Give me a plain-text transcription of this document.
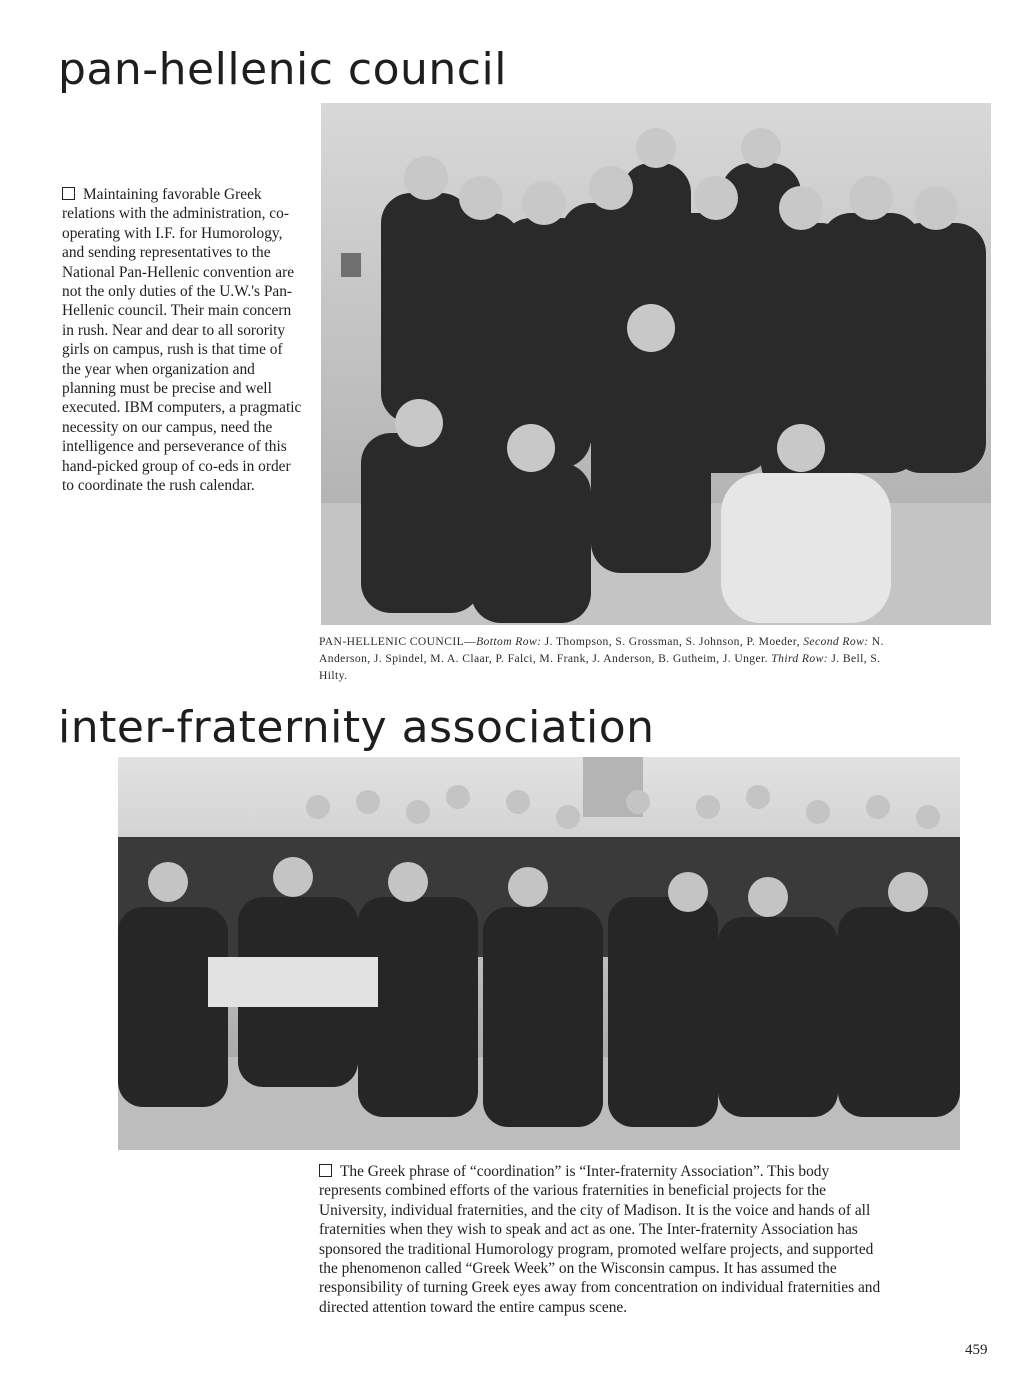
pan-hellenic council

Maintaining favorable Greek relations with the administration, co-operating with I.F. for Humorology, and sending representatives to the National Pan-Hellenic convention are not the only duties of the U.W.'s Pan-Hellenic council. Their main concern in rush. Near and dear to all sorority girls on campus, rush is that time of the year when organization and planning must be precise and well executed. IBM computers, a pragmatic necessity on our campus, need the intelligence and perseverance of this hand-picked group of co-eds in order to coordinate the rush calendar.

PAN-HELLENIC COUNCIL—Bottom Row: J. Thompson, S. Grossman, S. Johnson, P. Moeder, Second Row: N. Anderson, J. Spindel, M. A. Claar, P. Falci, M. Frank, J. Anderson, B. Gutheim, J. Unger. Third Row: J. Bell, S. Hilty.

inter-fraternity association

The Greek phrase of “coordination” is “Inter-fraternity Association”. This body represents combined efforts of the various fraternities in beneficial projects for the University, individual fraternities, and the city of Madison. It is the voice and hands of all fraternities when they wish to speak and act as one. The Inter-fraternity Association has sponsored the traditional Humorology program, promoted welfare projects, and supported the phenomenon called “Greek Week” on the Wisconsin campus. It has assumed the responsibility of turning Greek eyes away from concentration on individual fraternities and directed attention toward the entire campus scene.

459
